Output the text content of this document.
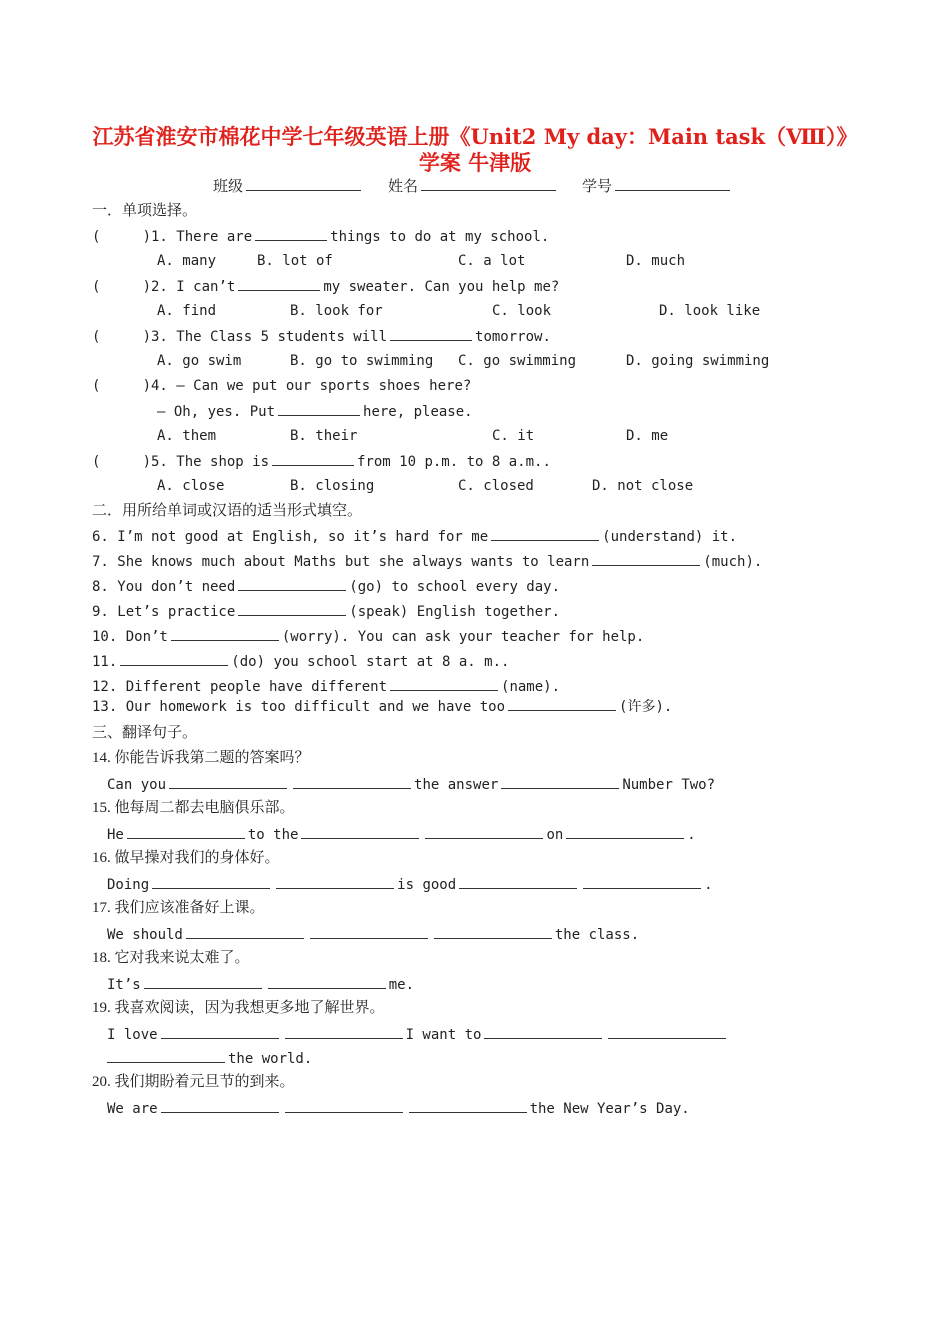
江苏省淮安市棉花中学七年级英语上册《Unit2 My day：Main task（Ⅷ）》
学案 牛津版
班级	姓名	学号
一．单项选择。
(     )1. There are	things to do at my school.
A. many	B. lot of	C. a lot	D. much
(     )2. I can’t	my sweater. Can you help me?
A. find	B. look for	C. look	D. look like
(     )3. The Class 5 students will	tomorrow.
A. go swim	B. go to swimming C. go swimming	D. going swimming
(     )4. — Can we put our sports shoes here?
— Oh, yes. Put	here, please.
A. them	B. their	C. it	D. me
(     )5. The shop is	from 10 p.m. to 8 a.m..
A. close	B. closing	C. closed	D. not close
二．用所给单词或汉语的适当形式填空。
6. I’m not good at English, so it’s hard for me	(understand) it.
7. She knows much about Maths but she always wants to learn	(much).
8. You don’t need	(go) to school every day.
9. Let’s practice	(speak) English together.
10. Don’t	(worry). You can ask your teacher for help.
11.	(do) you school start at 8 a. m..
12. Different people have different	(name).
13. Our homework is too difficult and we have too	(许多).
三、翻译句子。
14. 你能告诉我第二题的答案吗？
Can you	the answer	Number Two?
15. 他每周二都去电脑俱乐部。
He	to the	on	.
16. 做早操对我们的身体好。
Doing	is good	.
17. 我们应该准备好上课。
We should	the class.
18. 它对我来说太难了。
It’s	me.
19. 我喜欢阅读，因为我想更多地了解世界。
I love	I want to
the world.
20. 我们期盼着元旦节的到来。
We are	the New Year’s Day.
